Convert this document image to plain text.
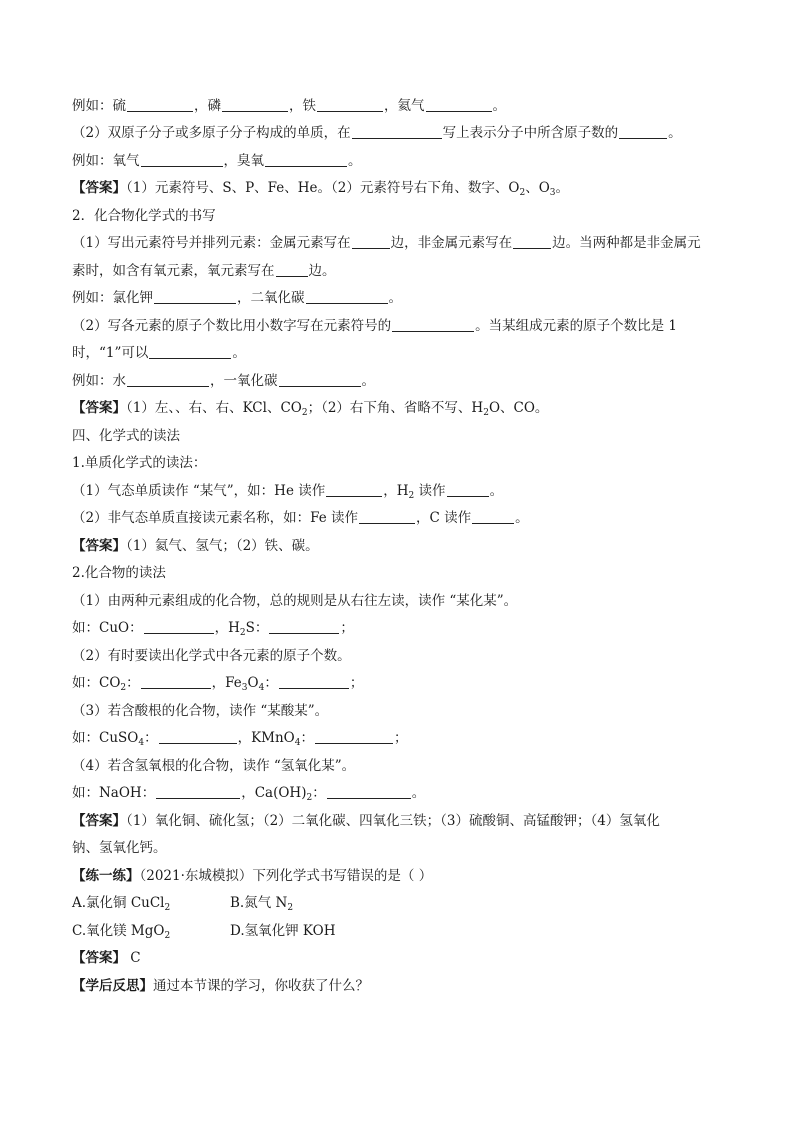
例如：硫	，磷	，铁	，氦气	。
（2）双原子分子或多原子分子构成的单质，在	写上表示分子中所含原子数的	。
例如：氧气	，臭氧	。
【答案】（1）元素符号、S、P、Fe、He。（2）元素符号右下角、数字、$O_2$、$O_3$。
2．化合物化学式的书写
（1）写出元素符号并排列元素：金属元素写在	边，非金属元素写在	边。当两种都是非金属元
素时，如含有氧元素，氧元素写在	边。
例如：氯化钾	，二氧化碳	。
（2）写各元素的原子个数比用小数字写在元素符号的	。当某组成元素的原子个数比是 1
时，“1”可以	。
例如：水	，一氧化碳	。
【答案】（1）左、、右、右、KCl、$CO_2$；（2）右下角、省略不写、$H_2O$、CO。
四、化学式的读法
1.单质化学式的读法：
（1）气态单质读作 “某气”，如：He 读作	，$H_2$ 读作	。
（2）非气态单质直接读元素名称，如：Fe 读作	，C 读作	。
【答案】（1）氦气、氢气；（2）铁、碳。
2.化合物的读法
（1）由两种元素组成的化合物，总的规则是从右往左读，读作 “某化某”。
如：CuO：	，$H_2S$：	；
（2）有时要读出化学式中各元素的原子个数。
如：$CO_2$：	，$Fe_3O_4$：	；
（3）若含酸根的化合物，读作 “某酸某”。
如：CuSO$_4$：	，KMnO$_4$：	；
（4）若含氢氧根的化合物，读作 “氢氧化某”。
如：NaOH：	，$Ca(OH)_2$：	。
【答案】（1）氧化铜、硫化氢；（2）二氧化碳、四氧化三铁；（3）硫酸铜、高锰酸钾；（4）氢氧化
钠、氢氧化钙。
【练一练】（2021·东城模拟）下列化学式书写错误的是（ ）
A.氯化铜 CuCl$_2$	B.氮气 $N_2$
C.氧化镁 MgO$_2$	D.氢氧化钾 KOH
【答案】 C
【学后反思】通过本节课的学习，你收获了什么？
